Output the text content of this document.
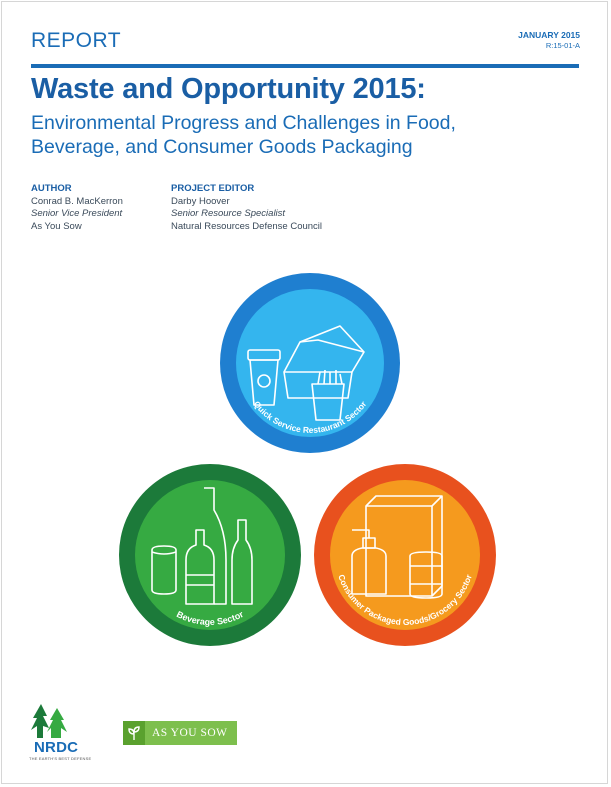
REPORT	JANUARY 2015
R:15-01-A
Waste and Opportunity 2015:
Environmental Progress and Challenges in Food, Beverage, and Consumer Goods Packaging
AUTHOR
Conrad B. MacKerron
Senior Vice President
As You Sow
PROJECT EDITOR
Darby Hoover
Senior Resource Specialist
Natural Resources Defense Council
Quick Service Restaurant Sector
Beverage Sector
Consumer Packaged Goods/Grocery Sector
NRDC
THE EARTH'S BEST DEFENSE
AS YOU SOW
